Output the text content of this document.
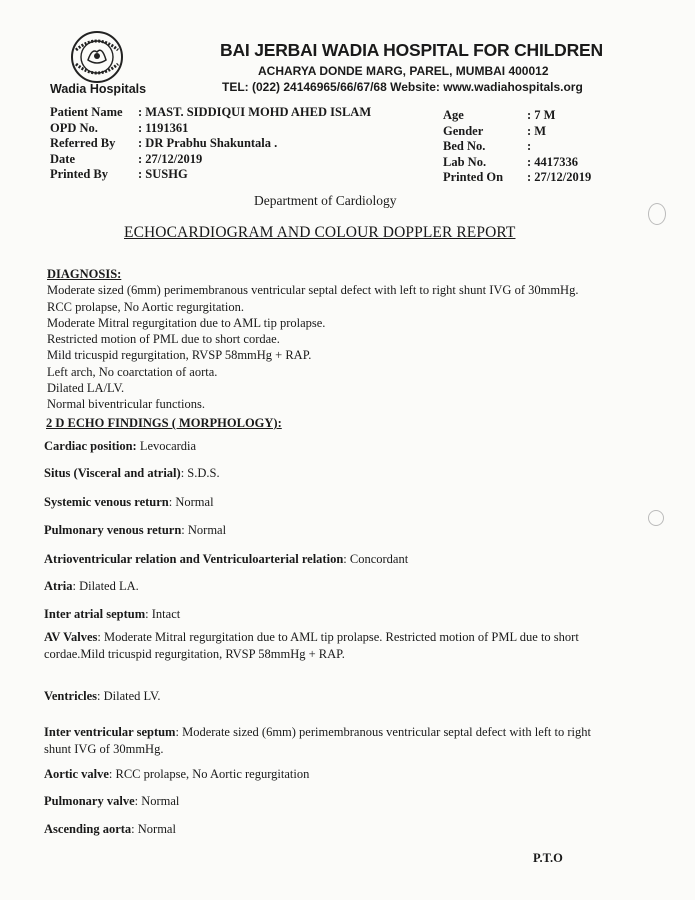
Wadia Hospitals
BAI JERBAI WADIA HOSPITAL FOR CHILDREN
ACHARYA DONDE MARG, PAREL, MUMBAI 400012
TEL: (022) 24146965/66/67/68 Website: www.wadiahospitals.org
Patient Name	: MAST. SIDDIQUI MOHD AHED ISLAM
OPD No.	: 1191361
Referred By	: DR Prabhu Shakuntala .
Date	: 27/12/2019
Printed By	: SUSHG
Age	: 7 M
Gender	: M
Bed No.	:
Lab No.	: 4417336
Printed On	: 27/12/2019
Department of Cardiology
ECHOCARDIOGRAM AND COLOUR DOPPLER REPORT
DIAGNOSIS:
Moderate sized (6mm) perimembranous ventricular septal defect with left to right shunt IVG of 30mmHg.
RCC prolapse, No Aortic regurgitation.
Moderate Mitral regurgitation due to AML tip prolapse.
Restricted motion of PML due to short cordae.
Mild tricuspid regurgitation, RVSP 58mmHg + RAP.
Left arch, No coarctation of aorta.
Dilated LA/LV.
Normal biventricular functions.
2 D ECHO FINDINGS ( MORPHOLOGY):
Cardiac position: Levocardia
Situs (Visceral and atrial): S.D.S.
Systemic venous return: Normal
Pulmonary venous return: Normal
Atrioventricular relation and Ventriculoarterial relation: Concordant
Atria: Dilated LA.
Inter atrial septum: Intact
AV Valves: Moderate Mitral regurgitation due to AML tip prolapse. Restricted motion of PML due to short cordae.Mild tricuspid regurgitation, RVSP 58mmHg + RAP.
Ventricles: Dilated LV.
Inter ventricular septum: Moderate sized (6mm) perimembranous ventricular septal defect with left to right shunt IVG of 30mmHg.
Aortic valve: RCC prolapse, No Aortic regurgitation
Pulmonary valve: Normal
Ascending aorta: Normal
P.T.O
